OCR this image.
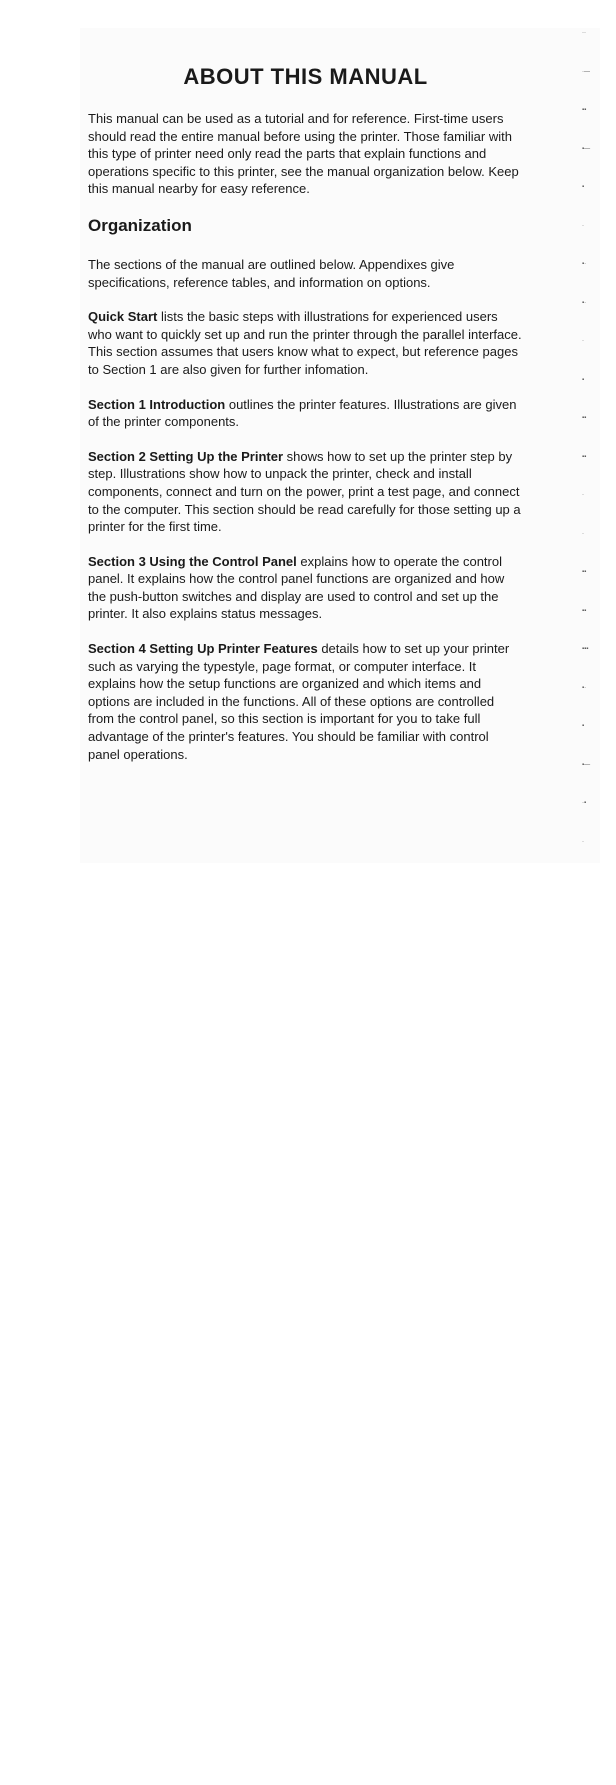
ABOUT THIS MANUAL

This manual can be used as a tutorial and for reference. First-time users should read the entire manual before using the printer. Those familiar with this type of printer need only read the parts that explain functions and operations specific to this printer, see the manual organization below. Keep this manual nearby for easy reference.

Organization

The sections of the manual are outlined below. Appendixes give specifications, reference tables, and information on options.

Quick Start lists the basic steps with illustrations for experienced users who want to quickly set up and run the printer through the parallel interface. This section assumes that users know what to expect, but reference pages to Section 1 are also given for further infomation.

Section 1 Introduction outlines the printer features. Illustrations are given of the printer components.

Section 2 Setting Up the Printer shows how to set up the printer step by step. Illustrations show how to unpack the printer, check and install components, connect and turn on the power, print a test page, and connect to the computer. This section should be read carefully for those setting up a printer for the first time.

Section 3 Using the Control Panel explains how to operate the control panel. It explains how the control panel functions are organized and how the push-button switches and display are used to control and set up the printer. It also explains status messages.

Section 4 Setting Up Printer Features details how to set up your printer such as varying the typestyle, page format, or computer interface. It explains how the setup functions are organized and which items and options are included in the functions. All of these options are controlled from the control panel, so this section is important for you to take full advantage of the printer's features. You should be familiar with control panel operations.

··
·—
▪▪
▪—
▪
·
▪·
▪·
·
▪
▪▪
▪▪
·
·
▪▪
▪▪
▪▪▪
▪·
▪
▪—
·▪
·
